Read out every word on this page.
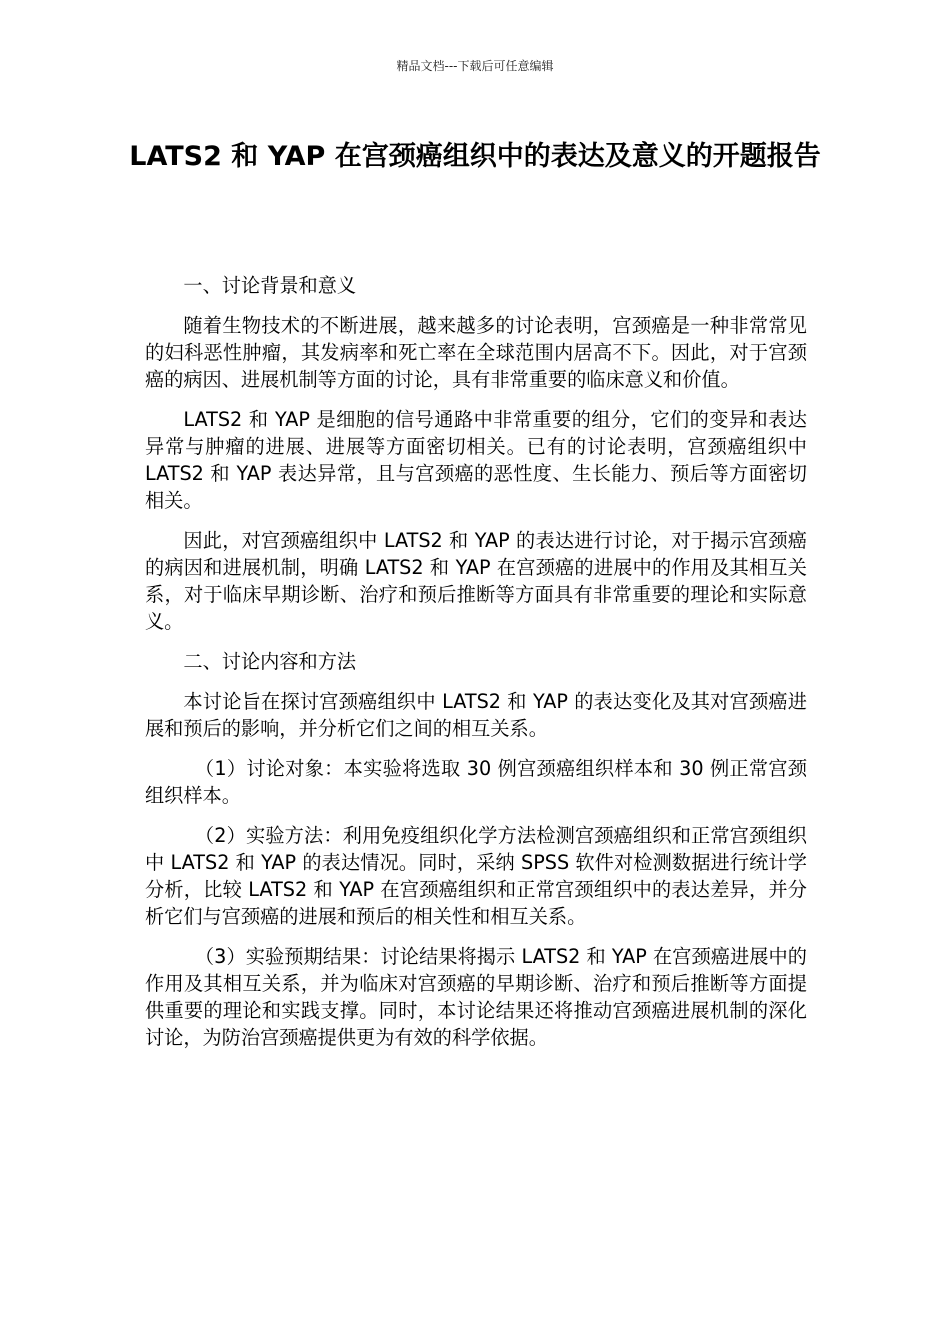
精品文档---下载后可任意编辑
LATS2 和 YAP 在宫颈癌组织中的表达及意义的开题报告

一、讨论背景和意义

随着生物技术的不断进展，越来越多的讨论表明，宫颈癌是一种非常常见的妇科恶性肿瘤，其发病率和死亡率在全球范围内居高不下。因此，对于宫颈癌的病因、进展机制等方面的讨论，具有非常重要的临床意义和价值。

LATS2 和 YAP 是细胞的信号通路中非常重要的组分，它们的变异和表达异常与肿瘤的进展、进展等方面密切相关。已有的讨论表明，宫颈癌组织中 LATS2 和 YAP 表达异常，且与宫颈癌的恶性度、生长能力、预后等方面密切相关。

因此，对宫颈癌组织中 LATS2 和 YAP 的表达进行讨论，对于揭示宫颈癌的病因和进展机制，明确 LATS2 和 YAP 在宫颈癌的进展中的作用及其相互关系，对于临床早期诊断、治疗和预后推断等方面具有非常重要的理论和实际意义。

二、讨论内容和方法

本讨论旨在探讨宫颈癌组织中 LATS2 和 YAP 的表达变化及其对宫颈癌进展和预后的影响，并分析它们之间的相互关系。

（1）讨论对象：本实验将选取 30 例宫颈癌组织样本和 30 例正常宫颈组织样本。

（2）实验方法：利用免疫组织化学方法检测宫颈癌组织和正常宫颈组织中 LATS2 和 YAP 的表达情况。同时，采纳 SPSS 软件对检测数据进行统计学分析，比较 LATS2 和 YAP 在宫颈癌组织和正常宫颈组织中的表达差异，并分析它们与宫颈癌的进展和预后的相关性和相互关系。

（3）实验预期结果：讨论结果将揭示 LATS2 和 YAP 在宫颈癌进展中的作用及其相互关系，并为临床对宫颈癌的早期诊断、治疗和预后推断等方面提供重要的理论和实践支撑。同时，本讨论结果还将推动宫颈癌进展机制的深化讨论，为防治宫颈癌提供更为有效的科学依据。
